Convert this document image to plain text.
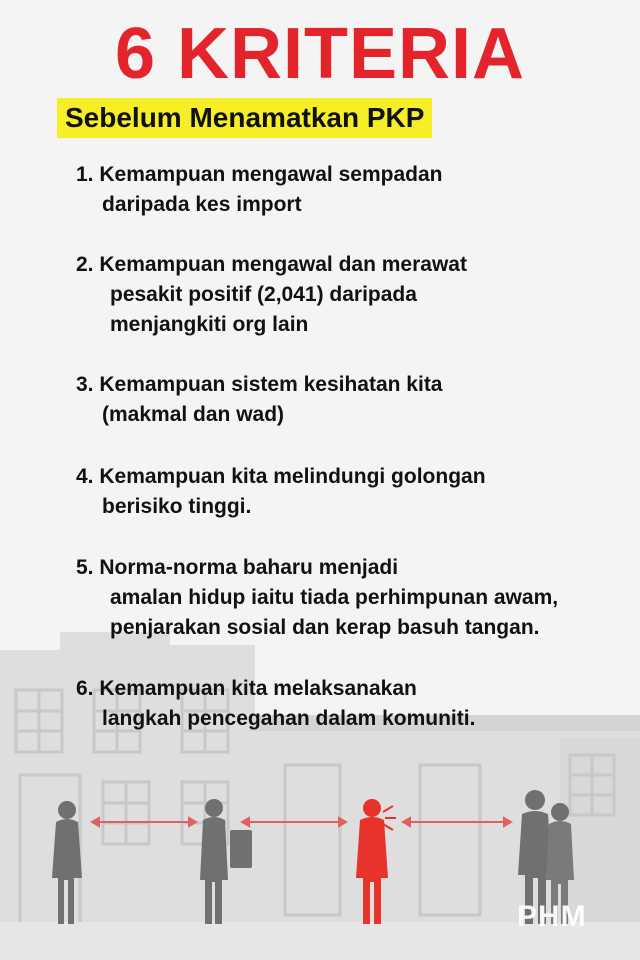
6 KRITERIA
Sebelum Menamatkan PKP
1. Kemampuan mengawal sempadan
daripada kes import
2. Kemampuan mengawal dan merawat
pesakit positif (2,041) daripada
menjangkiti org lain
3. Kemampuan sistem kesihatan kita
(makmal dan wad)
4. Kemampuan kita melindungi golongan
berisiko tinggi.
5. Norma-norma baharu menjadi
amalan hidup iaitu tiada perhimpunan awam,
penjarakan sosial dan kerap basuh tangan.
6. Kemampuan kita melaksanakan
langkah pencegahan dalam komuniti.
PHM
